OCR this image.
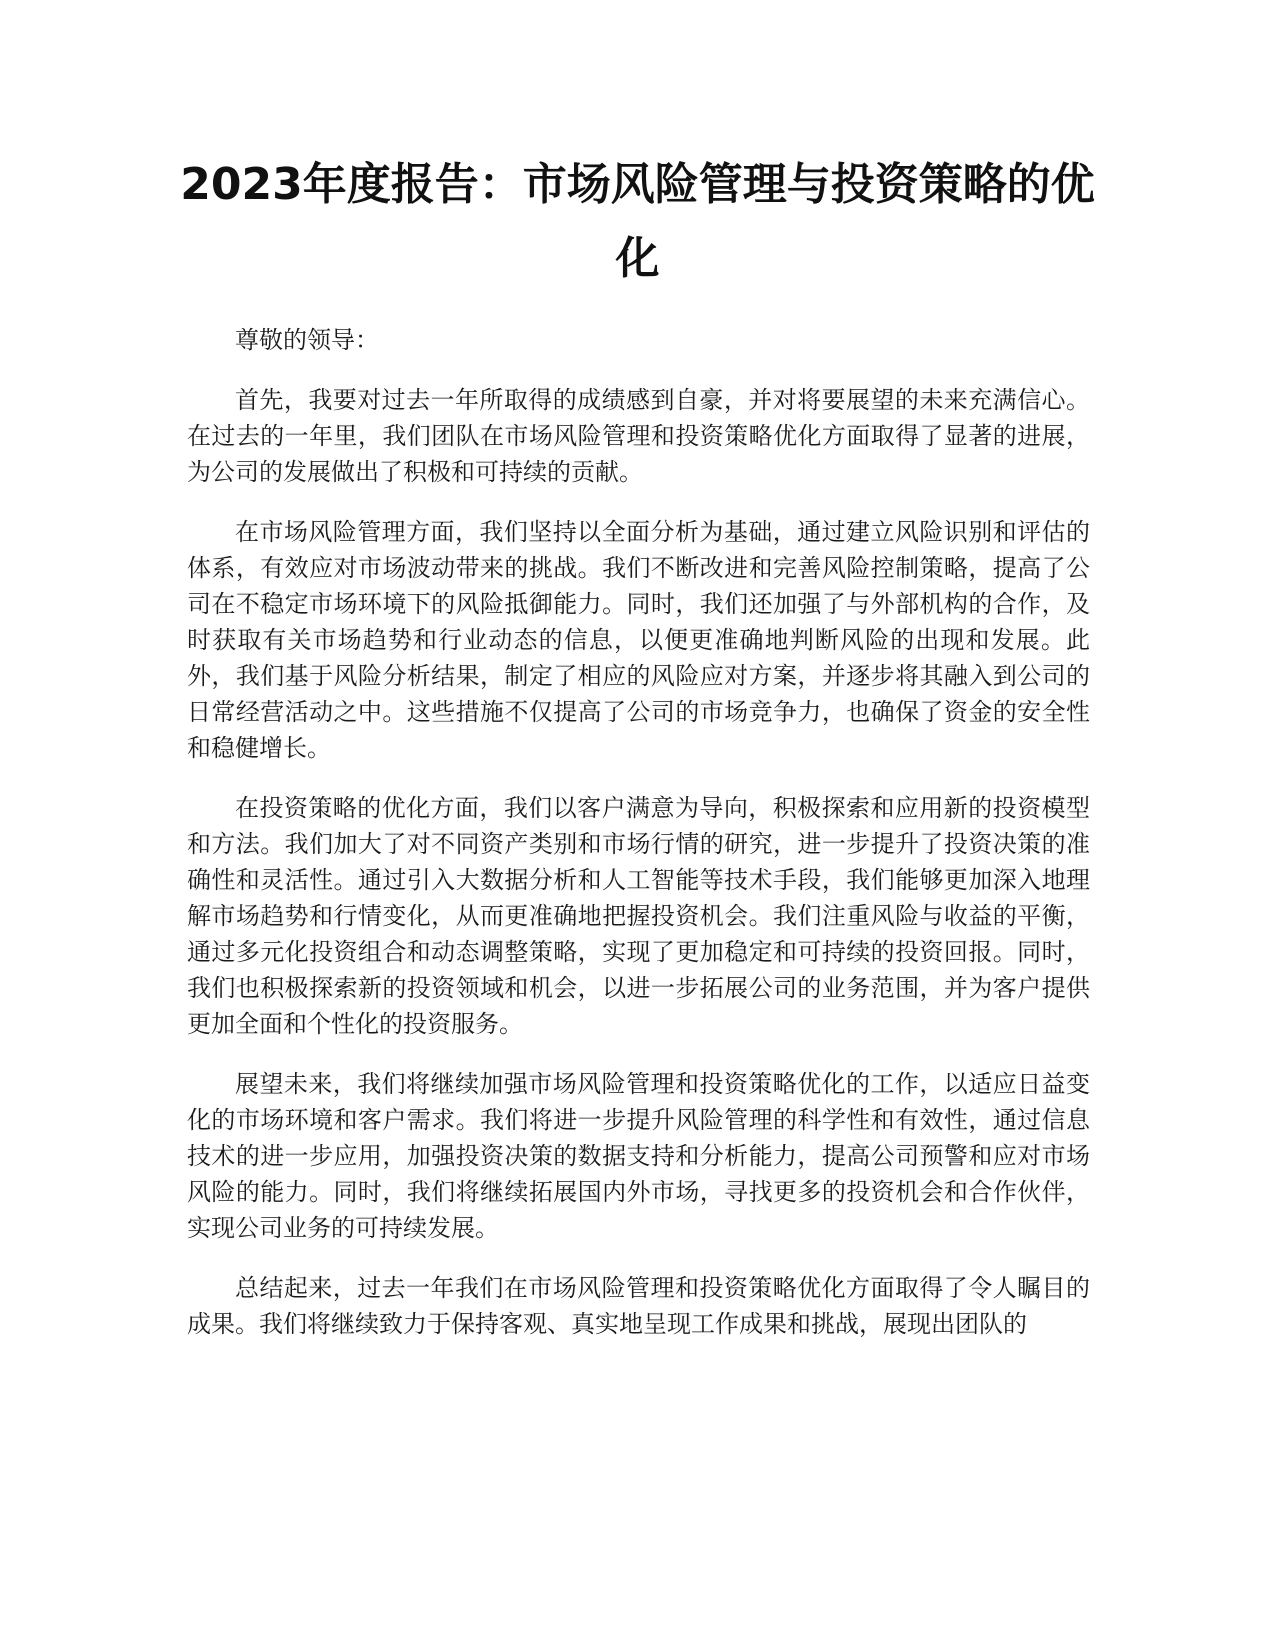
2023年度报告：市场风险管理与投资策略的优化

尊敬的领导：

首先，我要对过去一年所取得的成绩感到自豪，并对将要展望的未来充满信心。在过去的一年里，我们团队在市场风险管理和投资策略优化方面取得了显著的进展，为公司的发展做出了积极和可持续的贡献。

在市场风险管理方面，我们坚持以全面分析为基础，通过建立风险识别和评估的体系，有效应对市场波动带来的挑战。我们不断改进和完善风险控制策略，提高了公司在不稳定市场环境下的风险抵御能力。同时，我们还加强了与外部机构的合作，及时获取有关市场趋势和行业动态的信息，以便更准确地判断风险的出现和发展。此外，我们基于风险分析结果，制定了相应的风险应对方案，并逐步将其融入到公司的日常经营活动之中。这些措施不仅提高了公司的市场竞争力，也确保了资金的安全性和稳健增长。

在投资策略的优化方面，我们以客户满意为导向，积极探索和应用新的投资模型和方法。我们加大了对不同资产类别和市场行情的研究，进一步提升了投资决策的准确性和灵活性。通过引入大数据分析和人工智能等技术手段，我们能够更加深入地理解市场趋势和行情变化，从而更准确地把握投资机会。我们注重风险与收益的平衡，通过多元化投资组合和动态调整策略，实现了更加稳定和可持续的投资回报。同时，我们也积极探索新的投资领域和机会，以进一步拓展公司的业务范围，并为客户提供更加全面和个性化的投资服务。

展望未来，我们将继续加强市场风险管理和投资策略优化的工作，以适应日益变化的市场环境和客户需求。我们将进一步提升风险管理的科学性和有效性，通过信息技术的进一步应用，加强投资决策的数据支持和分析能力，提高公司预警和应对市场风险的能力。同时，我们将继续拓展国内外市场，寻找更多的投资机会和合作伙伴，实现公司业务的可持续发展。

总结起来，过去一年我们在市场风险管理和投资策略优化方面取得了令人瞩目的成果。我们将继续致力于保持客观、真实地呈现工作成果和挑战，展现出团队的
